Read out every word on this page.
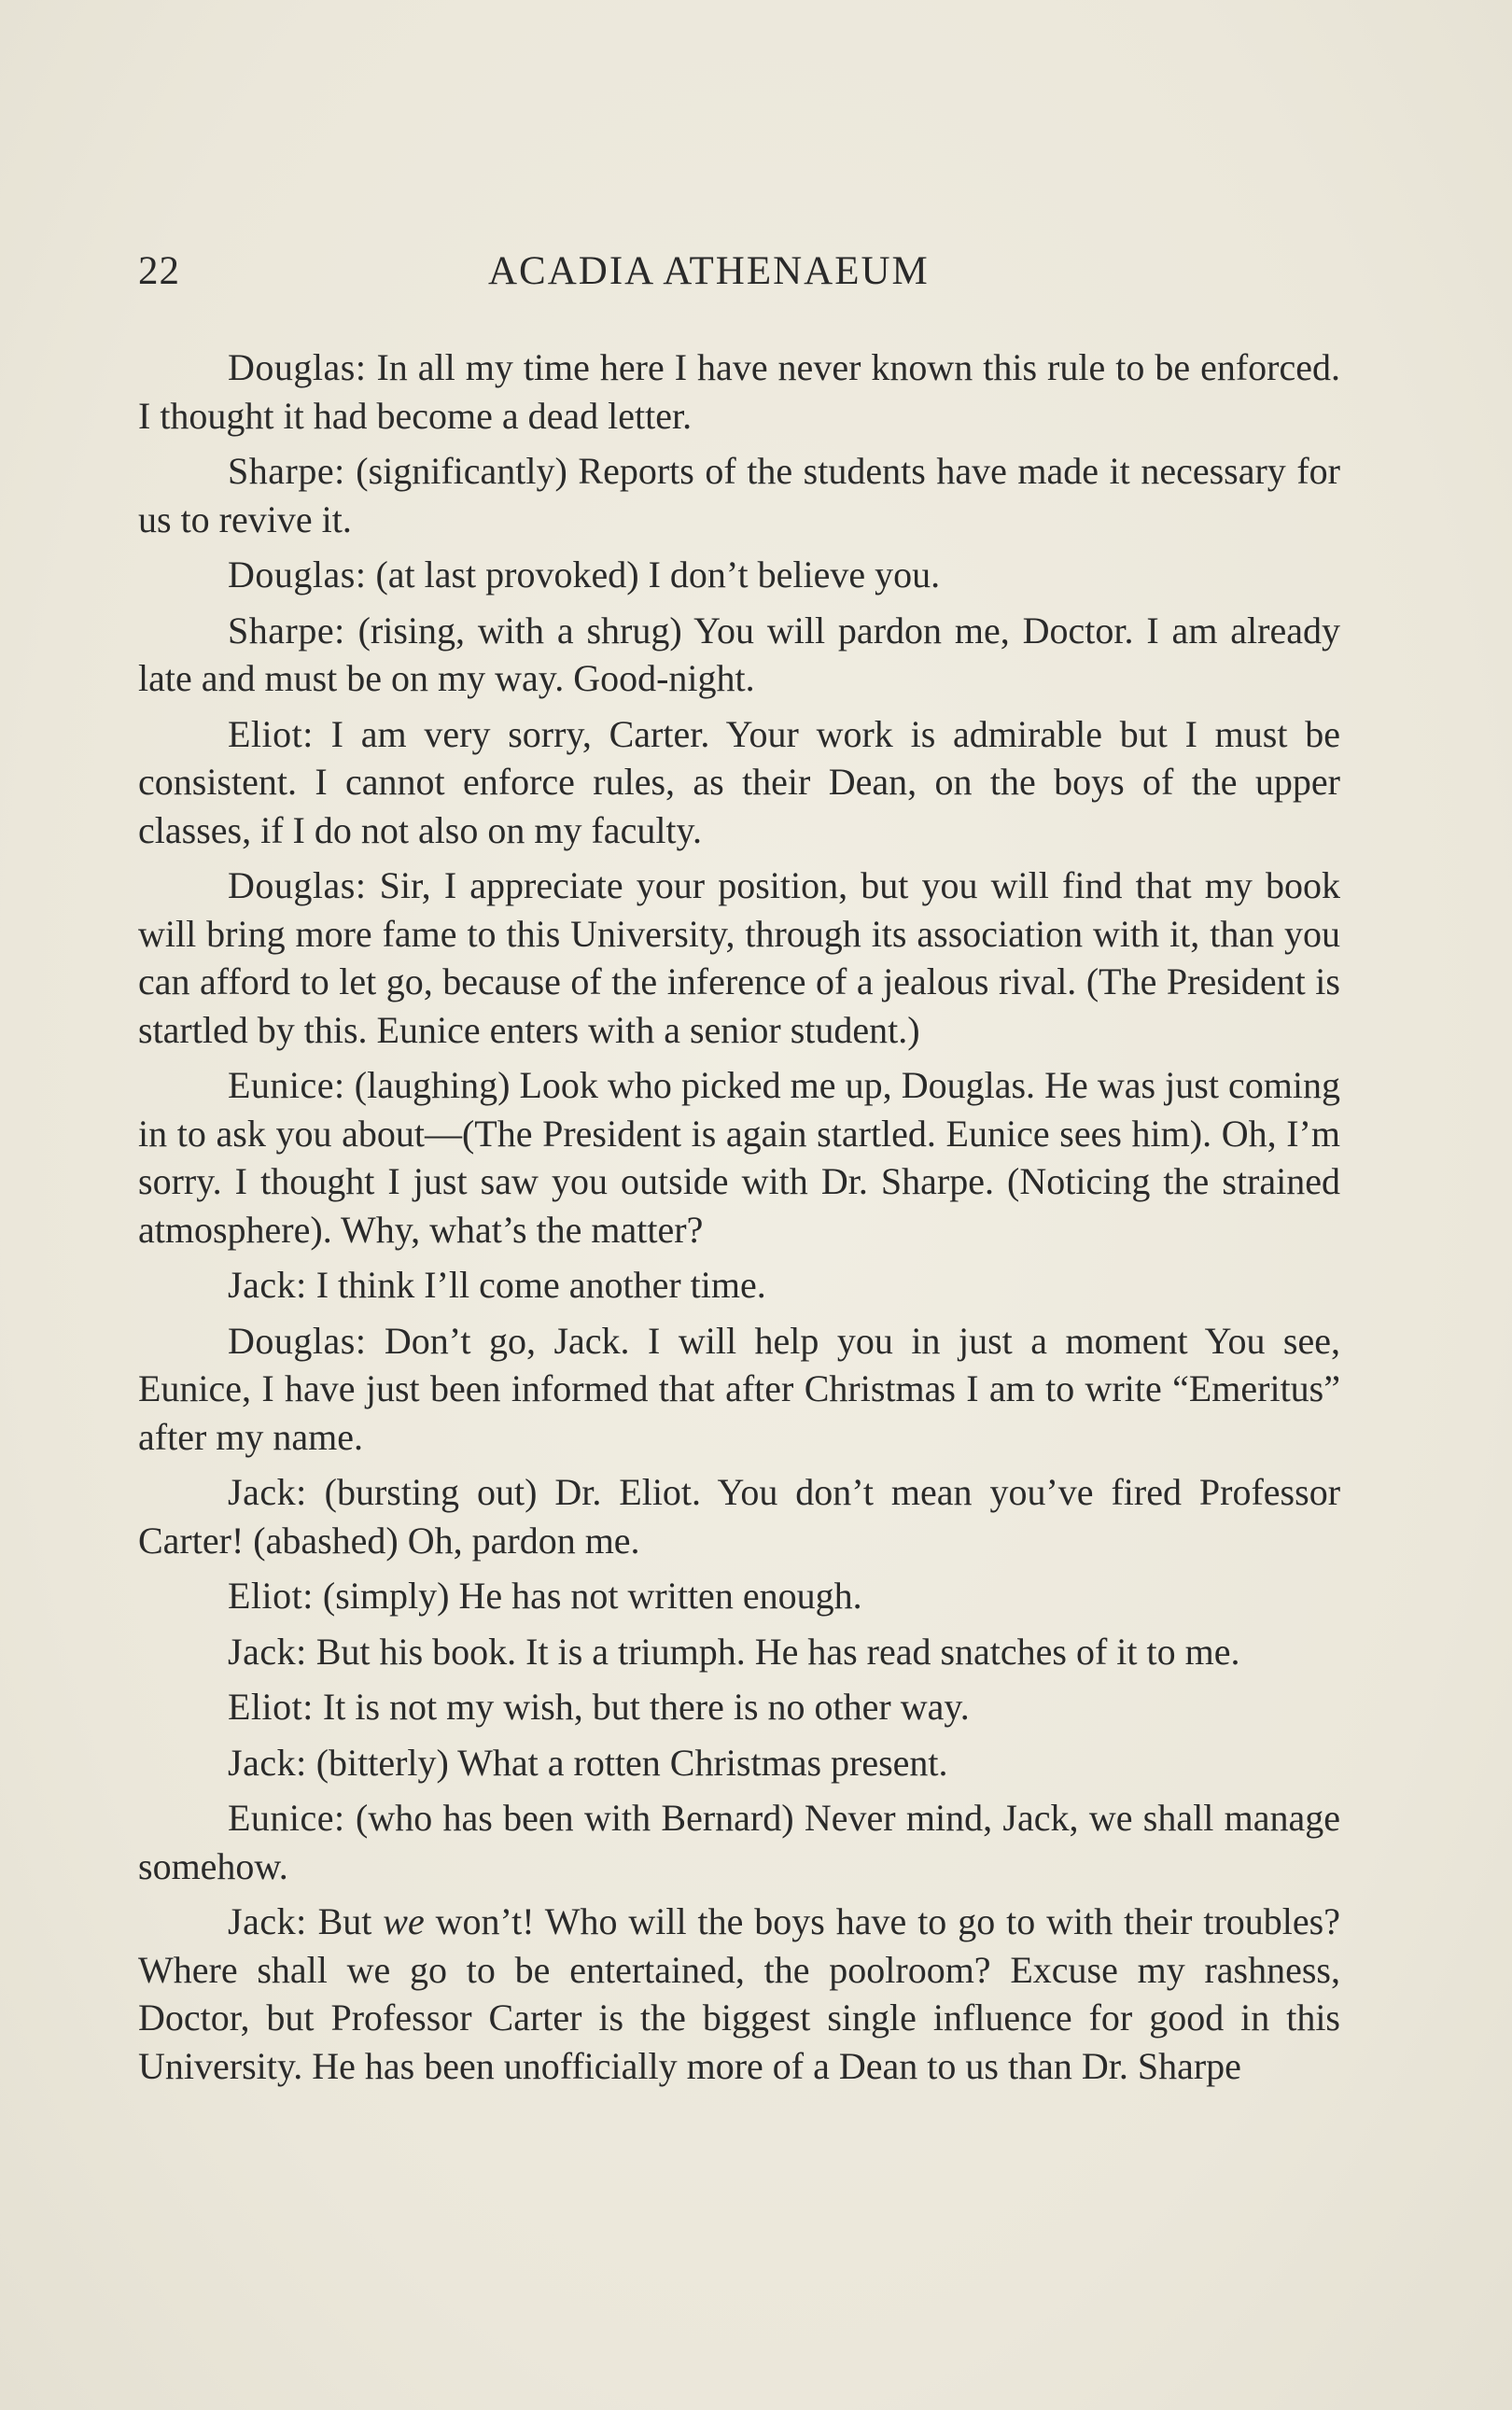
22	ACADIA ATHENAEUM

Douglas: In all my time here I have never known this rule to be enforced. I thought it had become a dead letter.

Sharpe: (significantly) Reports of the students have made it necessary for us to revive it.

Douglas: (at last provoked) I don’t believe you.

Sharpe: (rising, with a shrug) You will pardon me, Doctor. I am already late and must be on my way. Good-night.

Eliot: I am very sorry, Carter. Your work is admirable but I must be consistent. I cannot enforce rules, as their Dean, on the boys of the upper classes, if I do not also on my faculty.

Douglas: Sir, I appreciate your position, but you will find that my book will bring more fame to this University, through its association with it, than you can afford to let go, because of the inference of a jealous rival. (The President is startled by this. Eunice enters with a senior student.)

Eunice: (laughing) Look who picked me up, Douglas. He was just coming in to ask you about—(The President is again startled. Eunice sees him). Oh, I’m sorry. I thought I just saw you outside with Dr. Sharpe. (Noticing the strained atmosphere). Why, what’s the matter?

Jack: I think I’ll come another time.

Douglas: Don’t go, Jack. I will help you in just a moment You see, Eunice, I have just been informed that after Christmas I am to write “Emeritus” after my name.

Jack: (bursting out) Dr. Eliot. You don’t mean you’ve fired Professor Carter! (abashed) Oh, pardon me.

Eliot: (simply) He has not written enough.

Jack: But his book. It is a triumph. He has read snatches of it to me.

Eliot: It is not my wish, but there is no other way.

Jack: (bitterly) What a rotten Christmas present.

Eunice: (who has been with Bernard) Never mind, Jack, we shall manage somehow.

Jack: But we won’t! Who will the boys have to go to with their troubles? Where shall we go to be entertained, the poolroom? Excuse my rashness, Doctor, but Professor Carter is the biggest single influence for good in this University. He has been unofficially more of a Dean to us than Dr. Sharpe
